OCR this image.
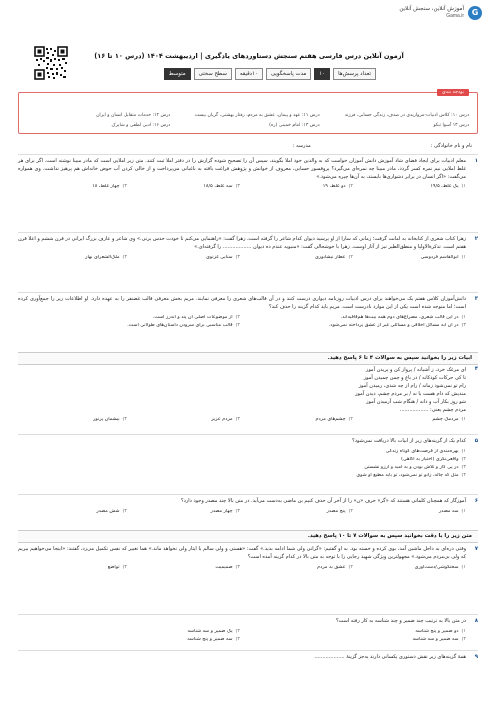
G
آموزش آنلاین، سنجش آنلاین
Gama.ir
آزمون آنلاین درس فارسی هفتم سنجش دستاوردهای یادگیری | اردیبهشت ۱۴۰۴ (درس ۱۰ تا ۱۶)
تعداد پرسش‌ها
۱۰
مدت پاسخگویی
۱۰دقیقه
سطح سختی
متوسط
بودجه بندی
درس ۱۰: کلاس ادبیات-مرواریدی در صدف، زندگی حسابی، فرزند
درس ۱۱: عهد و پیمان، عشق به مردم، رفتار بهشتی، گریان بیست
درس ۱۲: خدمات متقابل انسان و ایران
درس ۱۳ آسوا تبکو
درس ۱۳: امام خمینی (ره)
درس ۱۶: ادبی لطفی و شایرک
نام و نام خانوادگی :
مدرسه :
۱

معلم ادبیات برای ایجاد فضای شاد آموزش دانش آموزان خواست که به والدین خود املا بگویند، سپس آن را تصحیح شوده گزارش را در دفتر املا ثبت کنند. متن زیر املایی است که مادر مبینا نوشته است. اگر برای هر غلط املایی نیم نمره کسر گردد، مادر مبینا چه نمره‌ای می‌گیرد؟ پروفسور حسابی، معروف از خوانش و پژوهش فراغت یافته به باغبانی می‌پرداخت و از خالی کردن آب حوض خانه‌اش هم پرهیز نداشت. وی همواره می‌گفت: «اگر انسان در برابر دشواری‌ها بایستد، به آن‌ها چیره می‌شود.»

۱)
یک غلط، ۱۹/۵
۲)
دو غلط، ۱۹
۳)
سه غلط، ۱۸/۵
۴)
چهار غلط، ۱۸
۲

زهرا کتاب شعری از کتابخانه به امانت گرفت؛ زمانی که سارا از او پرسید دیوان کدام شاعر را گرفته است، زهرا گفت: «راهنمایی می‌کنم تا خودت حدس بزنی.» وی شاعر و عارف بزرگ ایرانی در قرن ششم و اعلا قرن هفتم است. تذکرة‌الاولیا و منطق‌الطیر نیز از آثار اوست. زهرا با خوشحالی گفت: «منبویه عندم ده دیوان .................. را گرفته‌ای.»

۱)
ابوالقاسم فردوسی
۲)
عطار نیشابوری
۳)
سنایی غزنوی
۴)
ملک‌الشعرای بهار
۳

دانش‌آموزان کلاس هفتم یک می‌خواهند برای درس ادبیات روزنامه دیواری درست کنند و در آن قالب‌های شعری را معرفی نمایند. مریم بخش معرفی قالب غضنفر را به عهده دارد. او اطلاعات زیر را جمع‌آوری کرده است؛ اما متوجه شده است یکی از این موارد نادرست است. مریم باید کدام گزینه را حذف کند؟

۱)
در این قالب شعری، مصراع‌های دوم همه بیت‌ها هم‌قافیه‌اند.
۲)
از موضوعات اصلی آن پند و اندرز است.
۳)
در آن ابه مسائل اخلاقی و مسائلی غیر از عشق پرداخته نمی‌شود.
۴)
قالب مناسبی برای سرودن داستان‌های طولانی است.
ابیات زیر را بخوانید سپس به سوالات ۴ تا ۶ پاسخ دهید.
۴
ای مرغک خرد، ز آشیانه / پرواز کن و پریدن آموز
تا کی حرکات کودکانه / در باغ و چمن چمیدن آموز
رام تو نمی‌شود زمانه / رام از چه شدی، رمیدن آموز
مندیش که دام هست یا نه / بر مردم چشم، دیدن آموز
شو روز بکار آب و دانه / هنگام شب آرمیدن آموز
مردم چشم یعنی: ..................
۱)
مردمک چشم
۲)
چشم‌های مردم
۳)
مردم عزیز
۴)
بیشمان پرنور
۵

کدام یک از گزینه‌های زیر از ابیات بالا دریافت نمی‌شود؟

۱)
بهره‌مندی از فرصت‌های کوتاه زندگی
۲)
واقعی‌نگری (اختیار به آگاهی)
۳)
در پی کار و تلاش بودن و به امید و آرزو نشستن
۴)
مثل که چاله، زانو تو نمی‌شود، تو باید مطیع او شوی
۶

آموزگار که همچنان کلماتی هستند که «گر» حرف «ن» را از آخر آن حذف کنیم بن ماضی به‌دست می‌آید. در متن بالا چند مصدر وجود دارد؟

۱)
سه مصدر
۲)
پنج مصدر
۳)
چهار مصدر
۴)
شش مصدر
متن زیر را با دقت بخوانید سپس به سوالات ۷ تا ۱۰ پاسخ دهید.
۷

وقتی ذره‌ای به داخل ماشین آمد، بوی کرده و خسته بود. به او گفتیم: «گرانی ولی شما ادامه بدید.» گفت: «هستی و ولی سالم با ایثار ولی نخواهد ماند.» هما تغییر که نفس تکمیل می‌زد، گفتند: «اینجا می‌خواهیم ببریم که ولی بی‌مردم می‌شود.» مجهولترین ویژگی شهید رجایی را با توجه به متن بالا در کدام گزینه آمده است؟

۱)
سختکوشی/دست‌آوری
۲)
عشق به مردم
۳)
صمیمیت
۴)
تواضع
۸

در متن بالا به ترتیب چند ضمیر و چند شناسه به کار رفته است؟

۱)
دو ضمیر و پنج شناسه
۲)
یک ضمیر و سه شناسه
۳)
سه ضمیر و سه شناسه
۴)
سه ضمیر و پنج شناسه
۹

همهٔ گزینه‌های زیر نقش دستوری یکسانی دارند به‌جز گزینهٔ ...................
